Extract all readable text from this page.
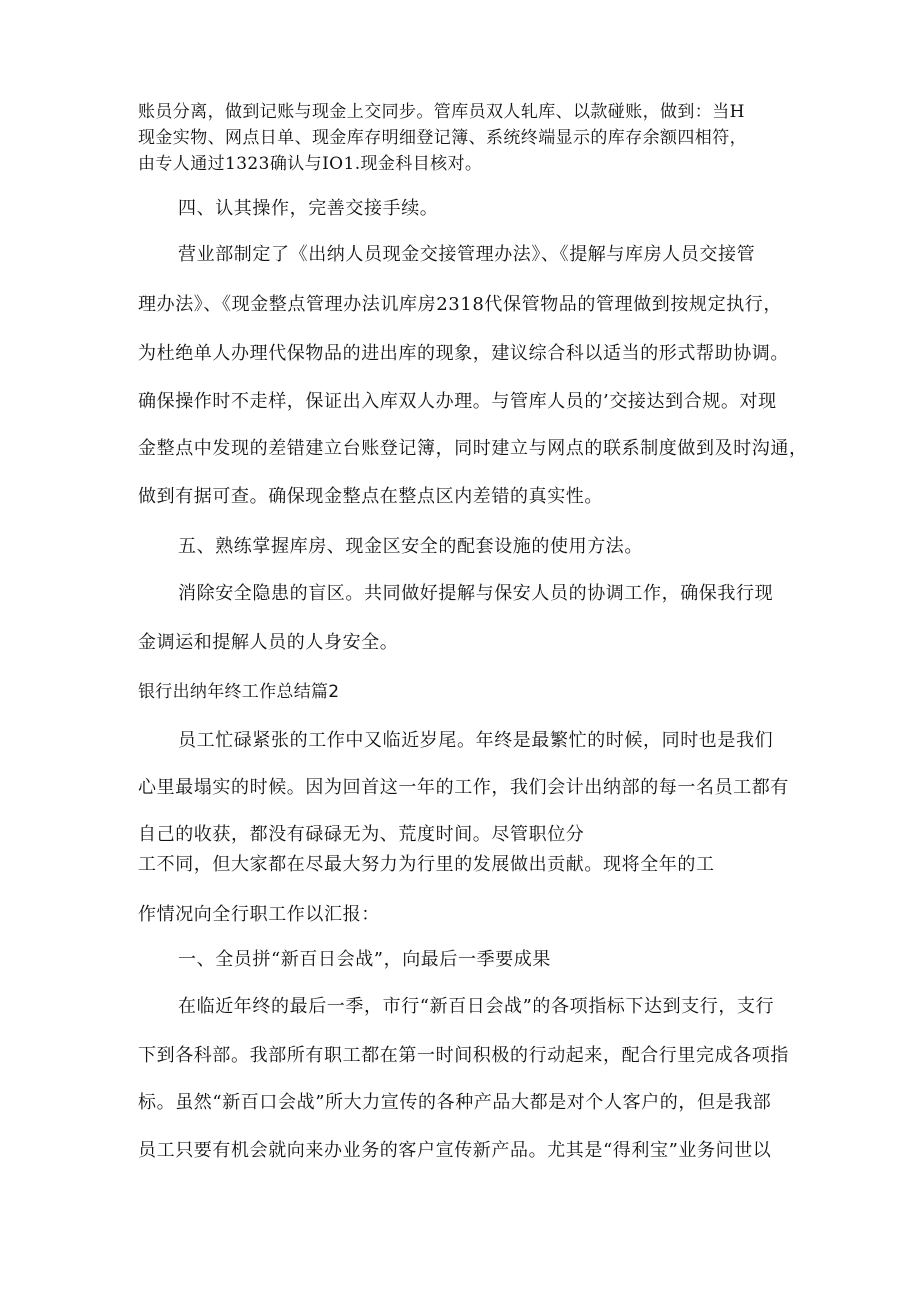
账员分离，做到记账与现金上交同步。管库员双人轧库、以款碰账，做到：当H
现金实物、网点日单、现金库存明细登记簿、系统终端显示的库存余额四相符，
由专人通过1323确认与IO1.现金科目核对。
四、认其操作，完善交接手续。
营业部制定了《出纳人员现金交接管理办法》、《提解与库房人员交接管
理办法》、《现金整点管理办法讥库房2318代保管物品的管理做到按规定执行，
为杜绝单人办理代保物品的进出库的现象，建议综合科以适当的形式帮助协调。
确保操作时不走样，保证出入库双人办理。与管库人员的’交接达到合规。对现
金整点中发现的差错建立台账登记簿，同时建立与网点的联系制度做到及时沟通，
做到有据可查。确保现金整点在整点区内差错的真实性。
五、熟练掌握库房、现金区安全的配套设施的使用方法。
消除安全隐患的盲区。共同做好提解与保安人员的协调工作，确保我行现
金调运和提解人员的人身安全。
银行出纳年终工作总结篇2
员工忙碌紧张的工作中又临近岁尾。年终是最繁忙的时候，同时也是我们
心里最塌实的时候。因为回首这一年的工作，我们会计出纳部的每一名员工都有
自己的收获，都没有碌碌无为、荒度时间。尽管职位分
工不同，但大家都在尽最大努力为行里的发展做出贡献。现将全年的工
作情况向全行职工作以汇报：
一、全员拼“新百日会战”，向最后一季要成果
在临近年终的最后一季，市行“新百日会战”的各项指标下达到支行，支行
下到各科部。我部所有职工都在第一时间积极的行动起来，配合行里完成各项指
标。虽然“新百口会战”所大力宣传的各种产品大都是对个人客户的，但是我部
员工只要有机会就向来办业务的客户宣传新产品。尤其是“得利宝”业务问世以
